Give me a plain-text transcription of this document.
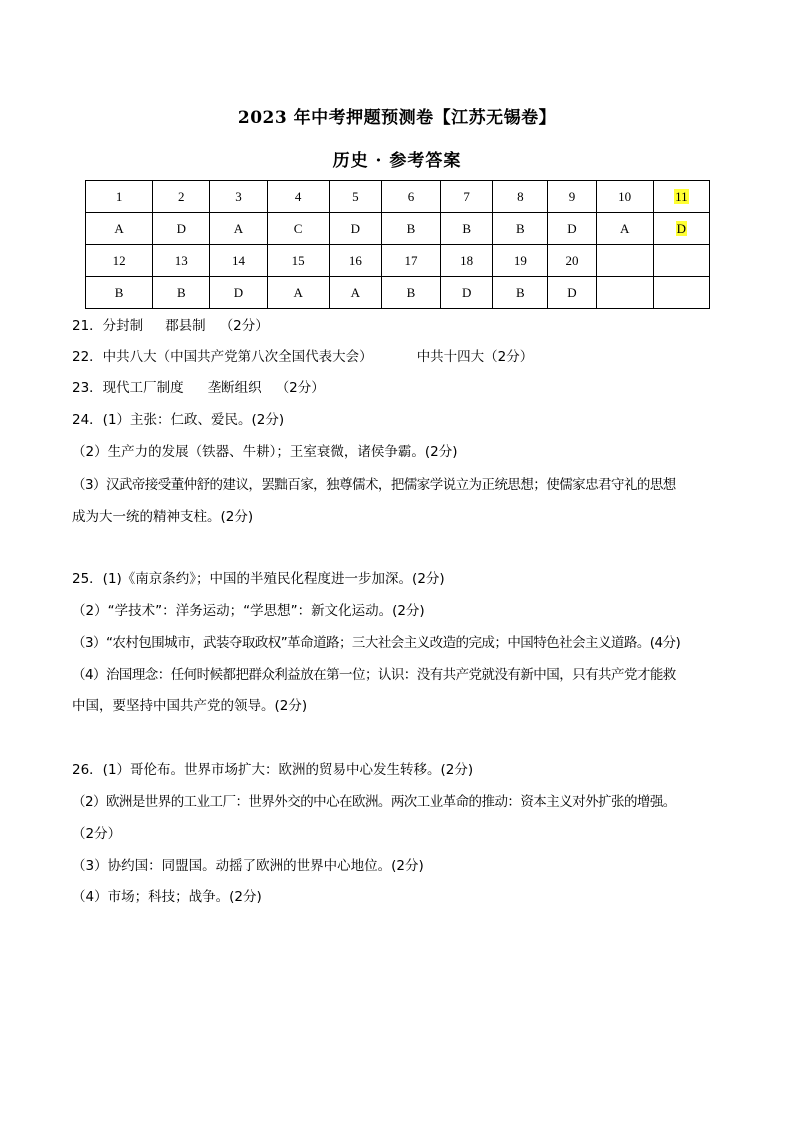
2023 年中考押题预测卷【江苏无锡卷】
历史 · 参考答案
1	2	3	4	5	6	7	8	9	10	11
A	D	A	C	D	B	B	B	D	A	D
12	13	14	15	16	17	18	19	20		
B	B	D	A	A	B	D	B	D		
21．分封制 郡县制 （2分）
22．中共八大（中国共产党第八次全国代表大会）	中共十四大（2分）
23．现代工厂制度 垄断组织 （2分）
24．(1）主张：仁政、爱民。(2分)
（2）生产力的发展（铁器、牛耕）；王室衰微，诸侯争霸。(2分)
（3）汉武帝接受董仲舒的建议，罢黜百家，独尊儒术，把儒家学说立为正统思想；使儒家忠君守礼的思想
成为大一统的精神支柱。(2分)
25．(1)《南京条约》；中国的半殖民化程度进一步加深。(2分)
（2）“学技术”：洋务运动；“学思想”：新文化运动。(2分)
（3）“农村包围城市，武装夺取政权”革命道路；三大社会主义改造的完成；中国特色社会主义道路。(4分)
（4）治国理念：任何时候都把群众利益放在第一位；认识：没有共产党就没有新中国，只有共产党才能救
中国，要坚持中国共产党的领导。(2分)
26．(1）哥伦布。世界市场扩大：欧洲的贸易中心发生转移。(2分)
（2）欧洲是世界的工业工厂：世界外交的中心在欧洲。两次工业革命的推动：资本主义对外扩张的增强。
（2分）
（3）协约国：同盟国。动摇了欧洲的世界中心地位。(2分)
（4）市场；科技；战争。(2分)
